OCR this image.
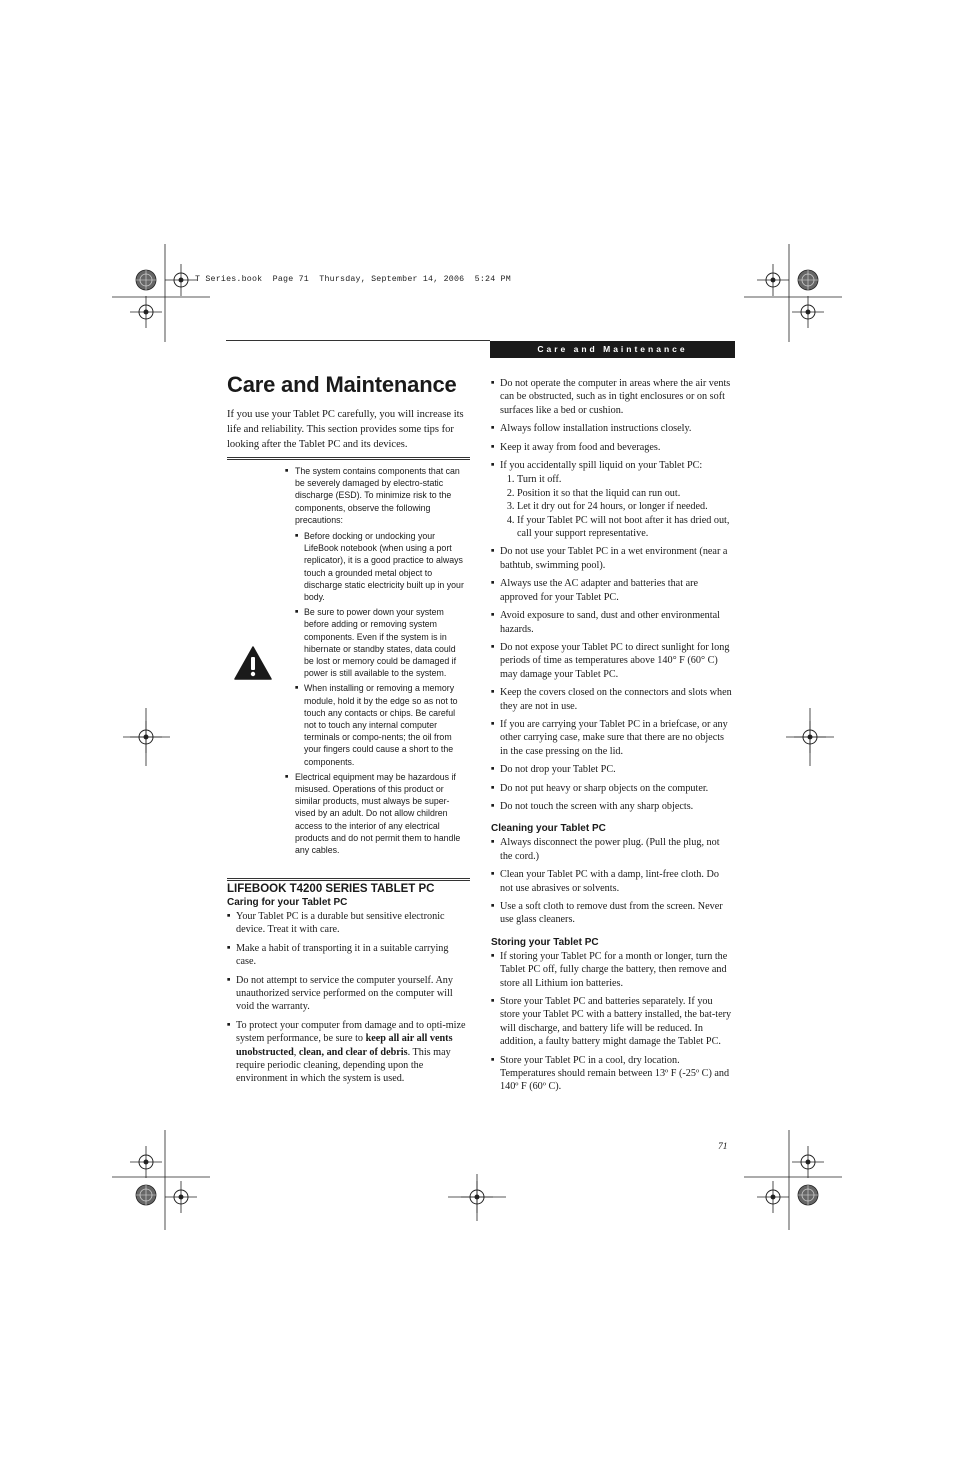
T Series.book  Page 71  Thursday, September 14, 2006  5:24 PM
Care and Maintenance
Care and Maintenance

If you use your Tablet PC carefully, you will increase its life and reliability. This section provides some tips for looking after the Tablet PC and its devices.

■ The system contains components that can be severely damaged by electro-static discharge (ESD). To minimize risk to the components, observe the following precautions:
■ Before docking or undocking your LifeBook notebook (when using a port replicator), it is a good practice to always touch a grounded metal object to discharge static electricity built up in your body.
■ Be sure to power down your system before adding or removing system components. Even if the system is in hibernate or standby states, data could be lost or memory could be damaged if power is still available to the system.
■ When installing or removing a memory module, hold it by the edge so as not to touch any contacts or chips. Be careful not to touch any internal computer terminals or compo-nents; the oil from your fingers could cause a short to the components.
■ Electrical equipment may be hazardous if misused. Operations of this product or similar products, must always be super-vised by an adult. Do not allow children access to the interior of any electrical products and do not permit them to handle any cables.
LIFEBOOK T4200 SERIES TABLET PC
Caring for your Tablet PC
■ Your Tablet PC is a durable but sensitive electronic device. Treat it with care.
■ Make a habit of transporting it in a suitable carrying case.
■ Do not attempt to service the computer yourself. Any unauthorized service performed on the computer will void the warranty.
■ To protect your computer from damage and to opti-mize system performance, be sure to keep all air all vents unobstructed, clean, and clear of debris. This may require periodic cleaning, depending upon the environment in which the system is used.
■ Do not operate the computer in areas where the air vents can be obstructed, such as in tight enclosures or on soft surfaces like a bed or cushion.
■ Always follow installation instructions closely.
■ Keep it away from food and beverages.
■ If you accidentally spill liquid on your Tablet PC:
1. Turn it off.
2. Position it so that the liquid can run out.
3. Let it dry out for 24 hours, or longer if needed.
4. If your Tablet PC will not boot after it has dried out, call your support representative.
■ Do not use your Tablet PC in a wet environment (near a bathtub, swimming pool).
■ Always use the AC adapter and batteries that are approved for your Tablet PC.
■ Avoid exposure to sand, dust and other environmental hazards.
■ Do not expose your Tablet PC to direct sunlight for long periods of time as temperatures above 140° F (60° C) may damage your Tablet PC.
■ Keep the covers closed on the connectors and slots when they are not in use.
■ If you are carrying your Tablet PC in a briefcase, or any other carrying case, make sure that there are no objects in the case pressing on the lid.
■ Do not drop your Tablet PC.
■ Do not put heavy or sharp objects on the computer.
■ Do not touch the screen with any sharp objects.
Cleaning your Tablet PC
■ Always disconnect the power plug. (Pull the plug, not the cord.)
■ Clean your Tablet PC with a damp, lint-free cloth. Do not use abrasives or solvents.
■ Use a soft cloth to remove dust from the screen. Never use glass cleaners.
Storing your Tablet PC
■ If storing your Tablet PC for a month or longer, turn the Tablet PC off, fully charge the battery, then remove and store all Lithium ion batteries.
■ Store your Tablet PC and batteries separately. If you store your Tablet PC with a battery installed, the bat-tery will discharge, and battery life will be reduced. In addition, a faulty battery might damage the Tablet PC.
■ Store your Tablet PC in a cool, dry location. Temperatures should remain between 13º F (-25º C) and 140º F (60º C).
71
